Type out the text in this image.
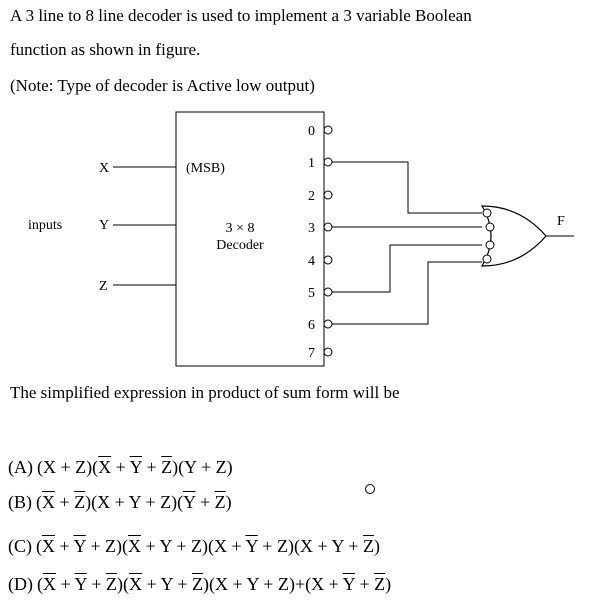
A 3 line to 8 line decoder is used to implement a 3 variable Boolean
function as shown in figure.
(Note: Type of decoder is Active low output)
(MSB)
3 × 8
Decoder
inputs
X
Y
Z
0
1
2
3
4
5
6
7
F
The simplified expression in product of sum form will be
(A) $(X + Z)(\overline{X} + \overline{Y} + \overline{Z})(Y + Z)$
(B) $(\overline{X} + \overline{Z})(X + Y + Z)(\overline{Y} + \overline{Z})$
(C) $(\overline{X} + \overline{Y} + Z)(\overline{X} + Y + Z)(X + \overline{Y} + Z)(X + Y + \overline{Z})$
(D) $(\overline{X} + \overline{Y} + \overline{Z})(\overline{X} + Y + \overline{Z})(X + Y + Z)+(X + \overline{Y} + \overline{Z})$
